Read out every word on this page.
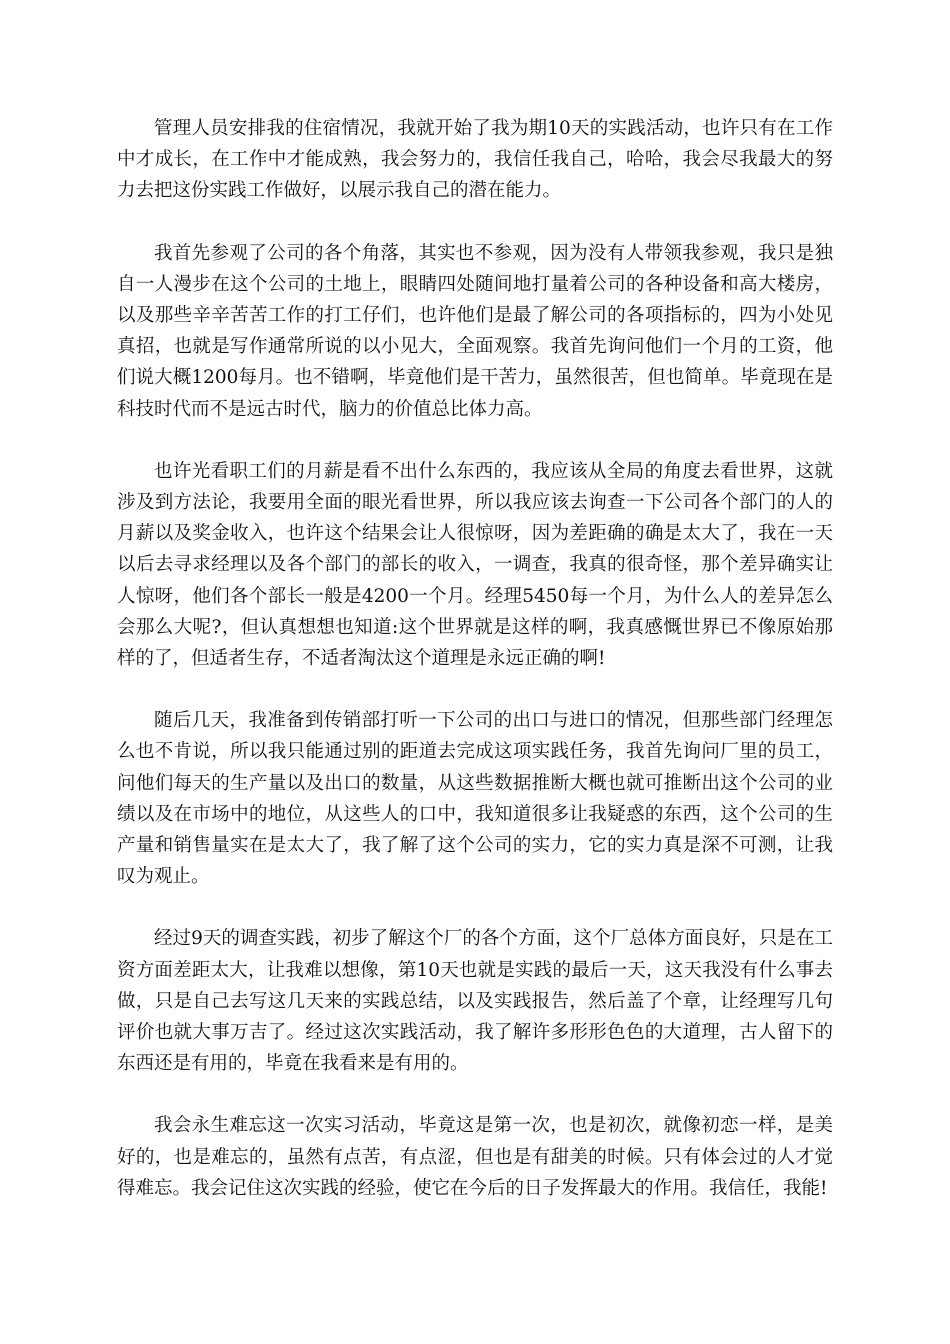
管理人员安排我的住宿情况，我就开始了我为期10天的实践活动，也许只有在工作中才成长，在工作中才能成熟，我会努力的，我信任我自己，哈哈，我会尽我最大的努力去把这份实践工作做好，以展示我自己的潜在能力。

我首先参观了公司的各个角落，其实也不参观，因为没有人带领我参观，我只是独自一人漫步在这个公司的土地上，眼睛四处随间地打量着公司的各种设备和高大楼房，以及那些辛辛苦苦工作的打工仔们，也许他们是最了解公司的各项指标的，四为小处见真招，也就是写作通常所说的以小见大，全面观察。我首先询问他们一个月的工资，他们说大概1200每月。也不错啊，毕竟他们是干苦力，虽然很苦，但也简单。毕竟现在是科技时代而不是远古时代，脑力的价值总比体力高。

也许光看职工们的月薪是看不出什么东西的，我应该从全局的角度去看世界，这就涉及到方法论，我要用全面的眼光看世界，所以我应该去询查一下公司各个部门的人的月薪以及奖金收入，也许这个结果会让人很惊呀，因为差距确的确是太大了，我在一天以后去寻求经理以及各个部门的部长的收入，一调查，我真的很奇怪，那个差异确实让人惊呀，他们各个部长一般是4200一个月。经理5450每一个月，为什么人的差异怎么会那么大呢?，但认真想想也知道:这个世界就是这样的啊，我真感慨世界已不像原始那样的了，但适者生存，不适者淘汰这个道理是永远正确的啊!

随后几天，我准备到传销部打听一下公司的出口与进口的情况，但那些部门经理怎么也不肯说，所以我只能通过别的距道去完成这项实践任务，我首先询问厂里的员工，问他们每天的生产量以及出口的数量，从这些数据推断大概也就可推断出这个公司的业绩以及在市场中的地位，从这些人的口中，我知道很多让我疑惑的东西，这个公司的生产量和销售量实在是太大了，我了解了这个公司的实力，它的实力真是深不可测，让我叹为观止。

经过9天的调查实践，初步了解这个厂的各个方面，这个厂总体方面良好，只是在工资方面差距太大，让我难以想像，第10天也就是实践的最后一天，这天我没有什么事去做，只是自己去写这几天来的实践总结，以及实践报告，然后盖了个章，让经理写几句评价也就大事万吉了。经过这次实践活动，我了解许多形形色色的大道理，古人留下的东西还是有用的，毕竟在我看来是有用的。

我会永生难忘这一次实习活动，毕竟这是第一次，也是初次，就像初恋一样，是美好的，也是难忘的，虽然有点苦，有点涩，但也是有甜美的时候。只有体会过的人才觉得难忘。我会记住这次实践的经验，使它在今后的日子发挥最大的作用。我信任，我能!
